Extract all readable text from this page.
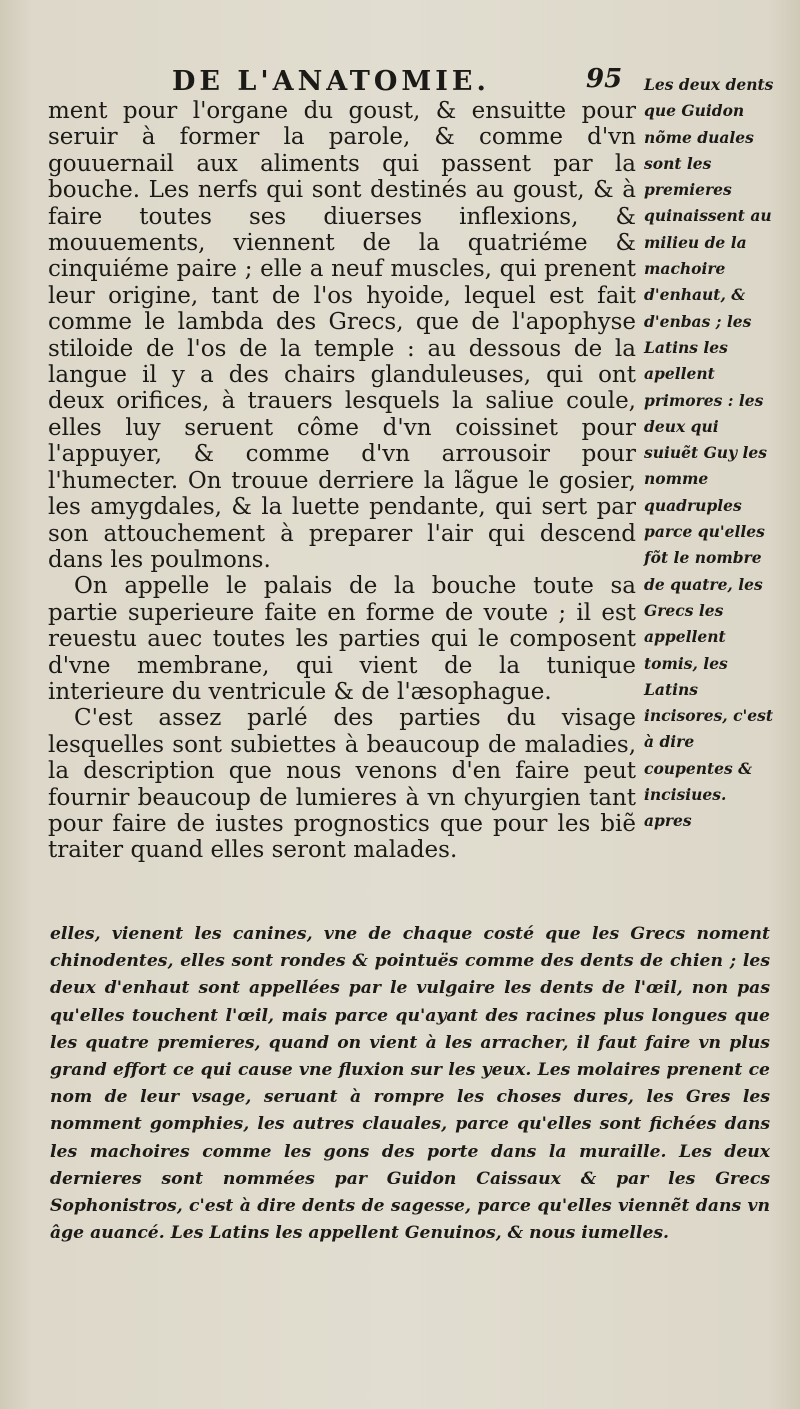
DE L'ANATOMIE.	95

ment pour l'organe du goust, & ensuitte pour seruir à former la parole, & comme d'vn gouuernail aux aliments qui passent par la bouche. Les nerfs qui sont destinés au goust, & à faire toutes ses diuerses inflexions, & mouuements, viennent de la quatriéme & cinquiéme paire ; elle a neuf muscles, qui prenent leur origine, tant de l'os hyoide, lequel est fait comme le lambda des Grecs, que de l'apophyse stiloide de l'os de la temple : au dessous de la langue il y a des chairs glanduleuses, qui ont deux orifices, à trauers lesquels la saliue coule, elles luy seruent côme d'vn coissinet pour l'appuyer, & comme d'vn arrousoir pour l'humecter. On trouue derriere la lãgue le gosier, les amygdales, & la luette pendante, qui sert par son attouchement à preparer l'air qui descend dans les poulmons.

On appelle le palais de la bouche toute sa partie superieure faite en forme de voute ; il est reuestu auec toutes les parties qui le composent d'vne membrane, qui vient de la tunique interieure du ventricule & de l'æsophague.

C'est assez parlé des parties du visage lesquelles sont subiettes à beaucoup de maladies, la description que nous venons d'en faire peut fournir beaucoup de lumieres à vn chyurgien tant pour faire de iustes prognostics que pour les biẽ traiter quand elles seront malades.

Les deux dents que Guidon nõme duales sont les premieres quinaissent au milieu de la machoire d'enhaut, & d'enbas ; les Latins les apellent primores : les deux qui suiuẽt Guy les nomme quadruples parce qu'elles fõt le nombre de quatre, les Grecs les appellent tomis, les Latins incisores, c'est à dire coupentes & incisiues. apres
elles, vienent les canines, vne de chaque costé que les Grecs noment chinodentes, elles sont rondes & pointuës comme des dents de chien ; les deux d'enhaut sont appellées par le vulgaire les dents de l'œil, non pas qu'elles touchent l'œil, mais parce qu'ayant des racines plus longues que les quatre premieres, quand on vient à les arracher, il faut faire vn plus grand effort ce qui cause vne fluxion sur les yeux. Les molaires prenent ce nom de leur vsage, seruant à rompre les choses dures, les Gres les nomment gomphies, les autres clauales, parce qu'elles sont fichées dans les machoires comme les gons des porte dans la muraille. Les deux dernieres sont nommées par Guidon Caissaux & par les Grecs Sophonistros, c'est à dire dents de sagesse, parce qu'elles viennẽt dans vn âge auancé. Les Latins les appellent Genuinos, & nous iumelles.
